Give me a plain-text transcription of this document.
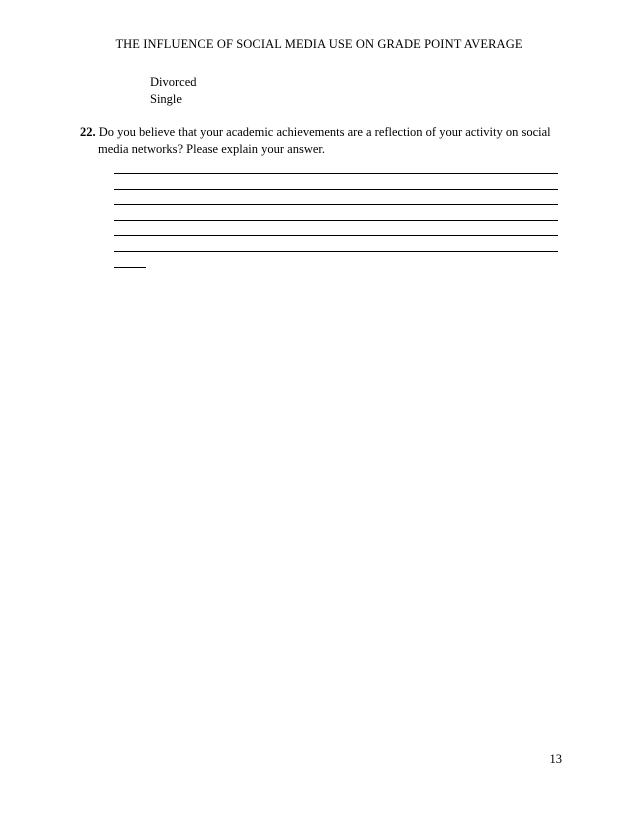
THE INFLUENCE OF SOCIAL MEDIA USE ON GRADE POINT AVERAGE
Divorced
Single
22. Do you believe that your academic achievements are a reflection of your activity on social
media networks? Please explain your answer.
13
